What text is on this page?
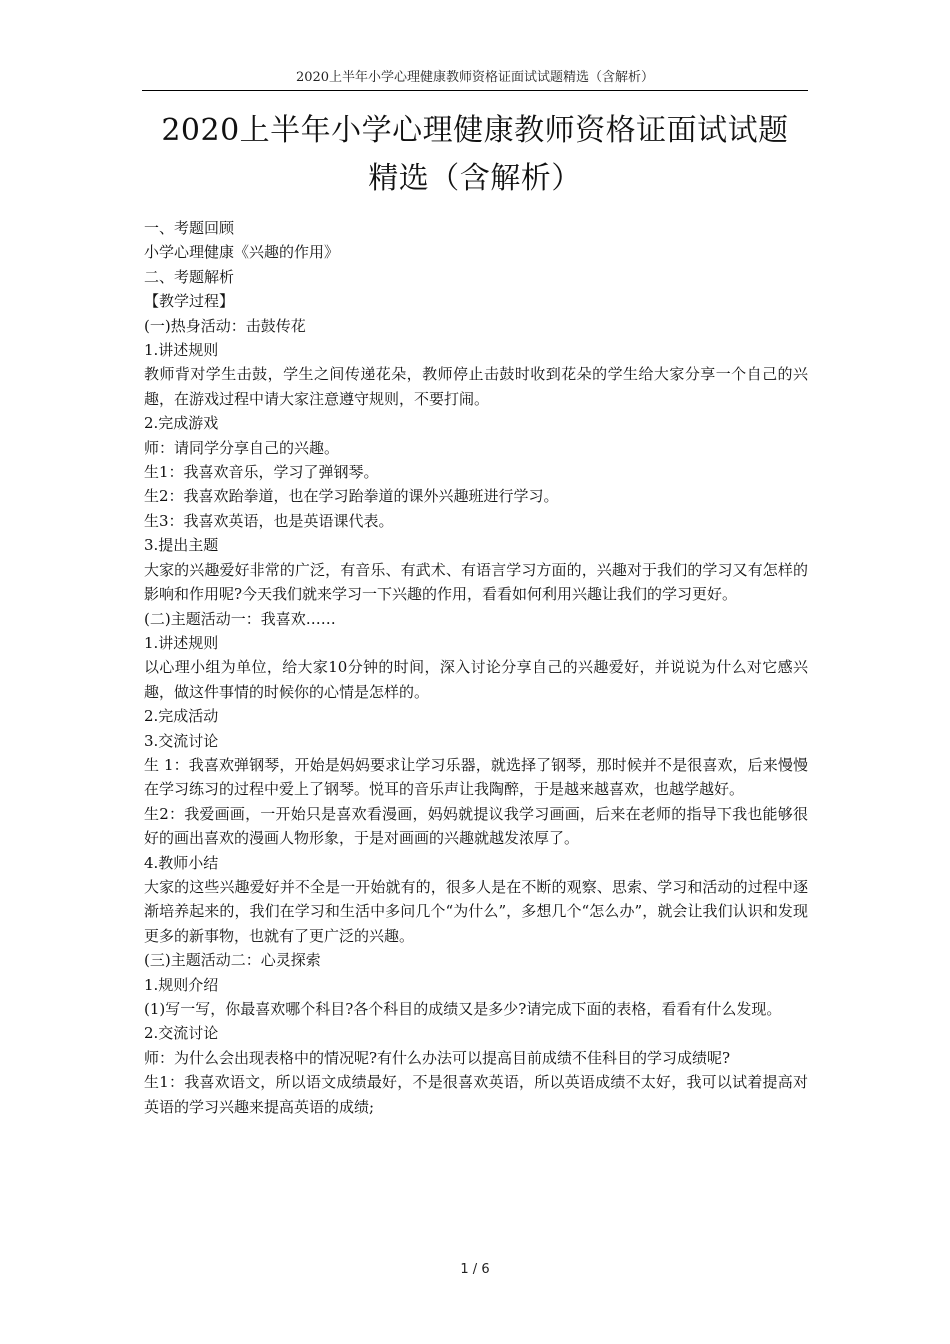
2020上半年小学心理健康教师资格证面试试题精选（含解析）
2020上半年小学心理健康教师资格证面试试题
精选（含解析）

一、考题回顾

小学心理健康《兴趣的作用》

二、考题解析

【教学过程】

(一)热身活动：击鼓传花

1.讲述规则

教师背对学生击鼓，学生之间传递花朵，教师停止击鼓时收到花朵的学生给大家分享一个自己的兴趣，在游戏过程中请大家注意遵守规则，不要打闹。

2.完成游戏

师：请同学分享自己的兴趣。

生1：我喜欢音乐，学习了弹钢琴。

生2：我喜欢跆拳道，也在学习跆拳道的课外兴趣班进行学习。

生3：我喜欢英语，也是英语课代表。

3.提出主题

大家的兴趣爱好非常的广泛，有音乐、有武术、有语言学习方面的，兴趣对于我们的学习又有怎样的影响和作用呢?今天我们就来学习一下兴趣的作用，看看如何利用兴趣让我们的学习更好。

(二)主题活动一：我喜欢……

1.讲述规则

以心理小组为单位，给大家10分钟的时间，深入讨论分享自己的兴趣爱好，并说说为什么对它感兴趣，做这件事情的时候你的心情是怎样的。

2.完成活动

3.交流讨论

生 1：我喜欢弹钢琴，开始是妈妈要求让学习乐器，就选择了钢琴，那时候并不是很喜欢，后来慢慢在学习练习的过程中爱上了钢琴。悦耳的音乐声让我陶醉，于是越来越喜欢，也越学越好。

生2：我爱画画，一开始只是喜欢看漫画，妈妈就提议我学习画画，后来在老师的指导下我也能够很好的画出喜欢的漫画人物形象，于是对画画的兴趣就越发浓厚了。

4.教师小结

大家的这些兴趣爱好并不全是一开始就有的，很多人是在不断的观察、思索、学习和活动的过程中逐渐培养起来的，我们在学习和生活中多问几个“为什么”，多想几个“怎么办”，就会让我们认识和发现更多的新事物，也就有了更广泛的兴趣。

(三)主题活动二：心灵探索

1.规则介绍

(1)写一写，你最喜欢哪个科目?各个科目的成绩又是多少?请完成下面的表格，看看有什么发现。

2.交流讨论

师：为什么会出现表格中的情况呢?有什么办法可以提高目前成绩不佳科目的学习成绩呢?

生1：我喜欢语文，所以语文成绩最好，不是很喜欢英语，所以英语成绩不太好，我可以试着提高对英语的学习兴趣来提高英语的成绩;

1 / 6
